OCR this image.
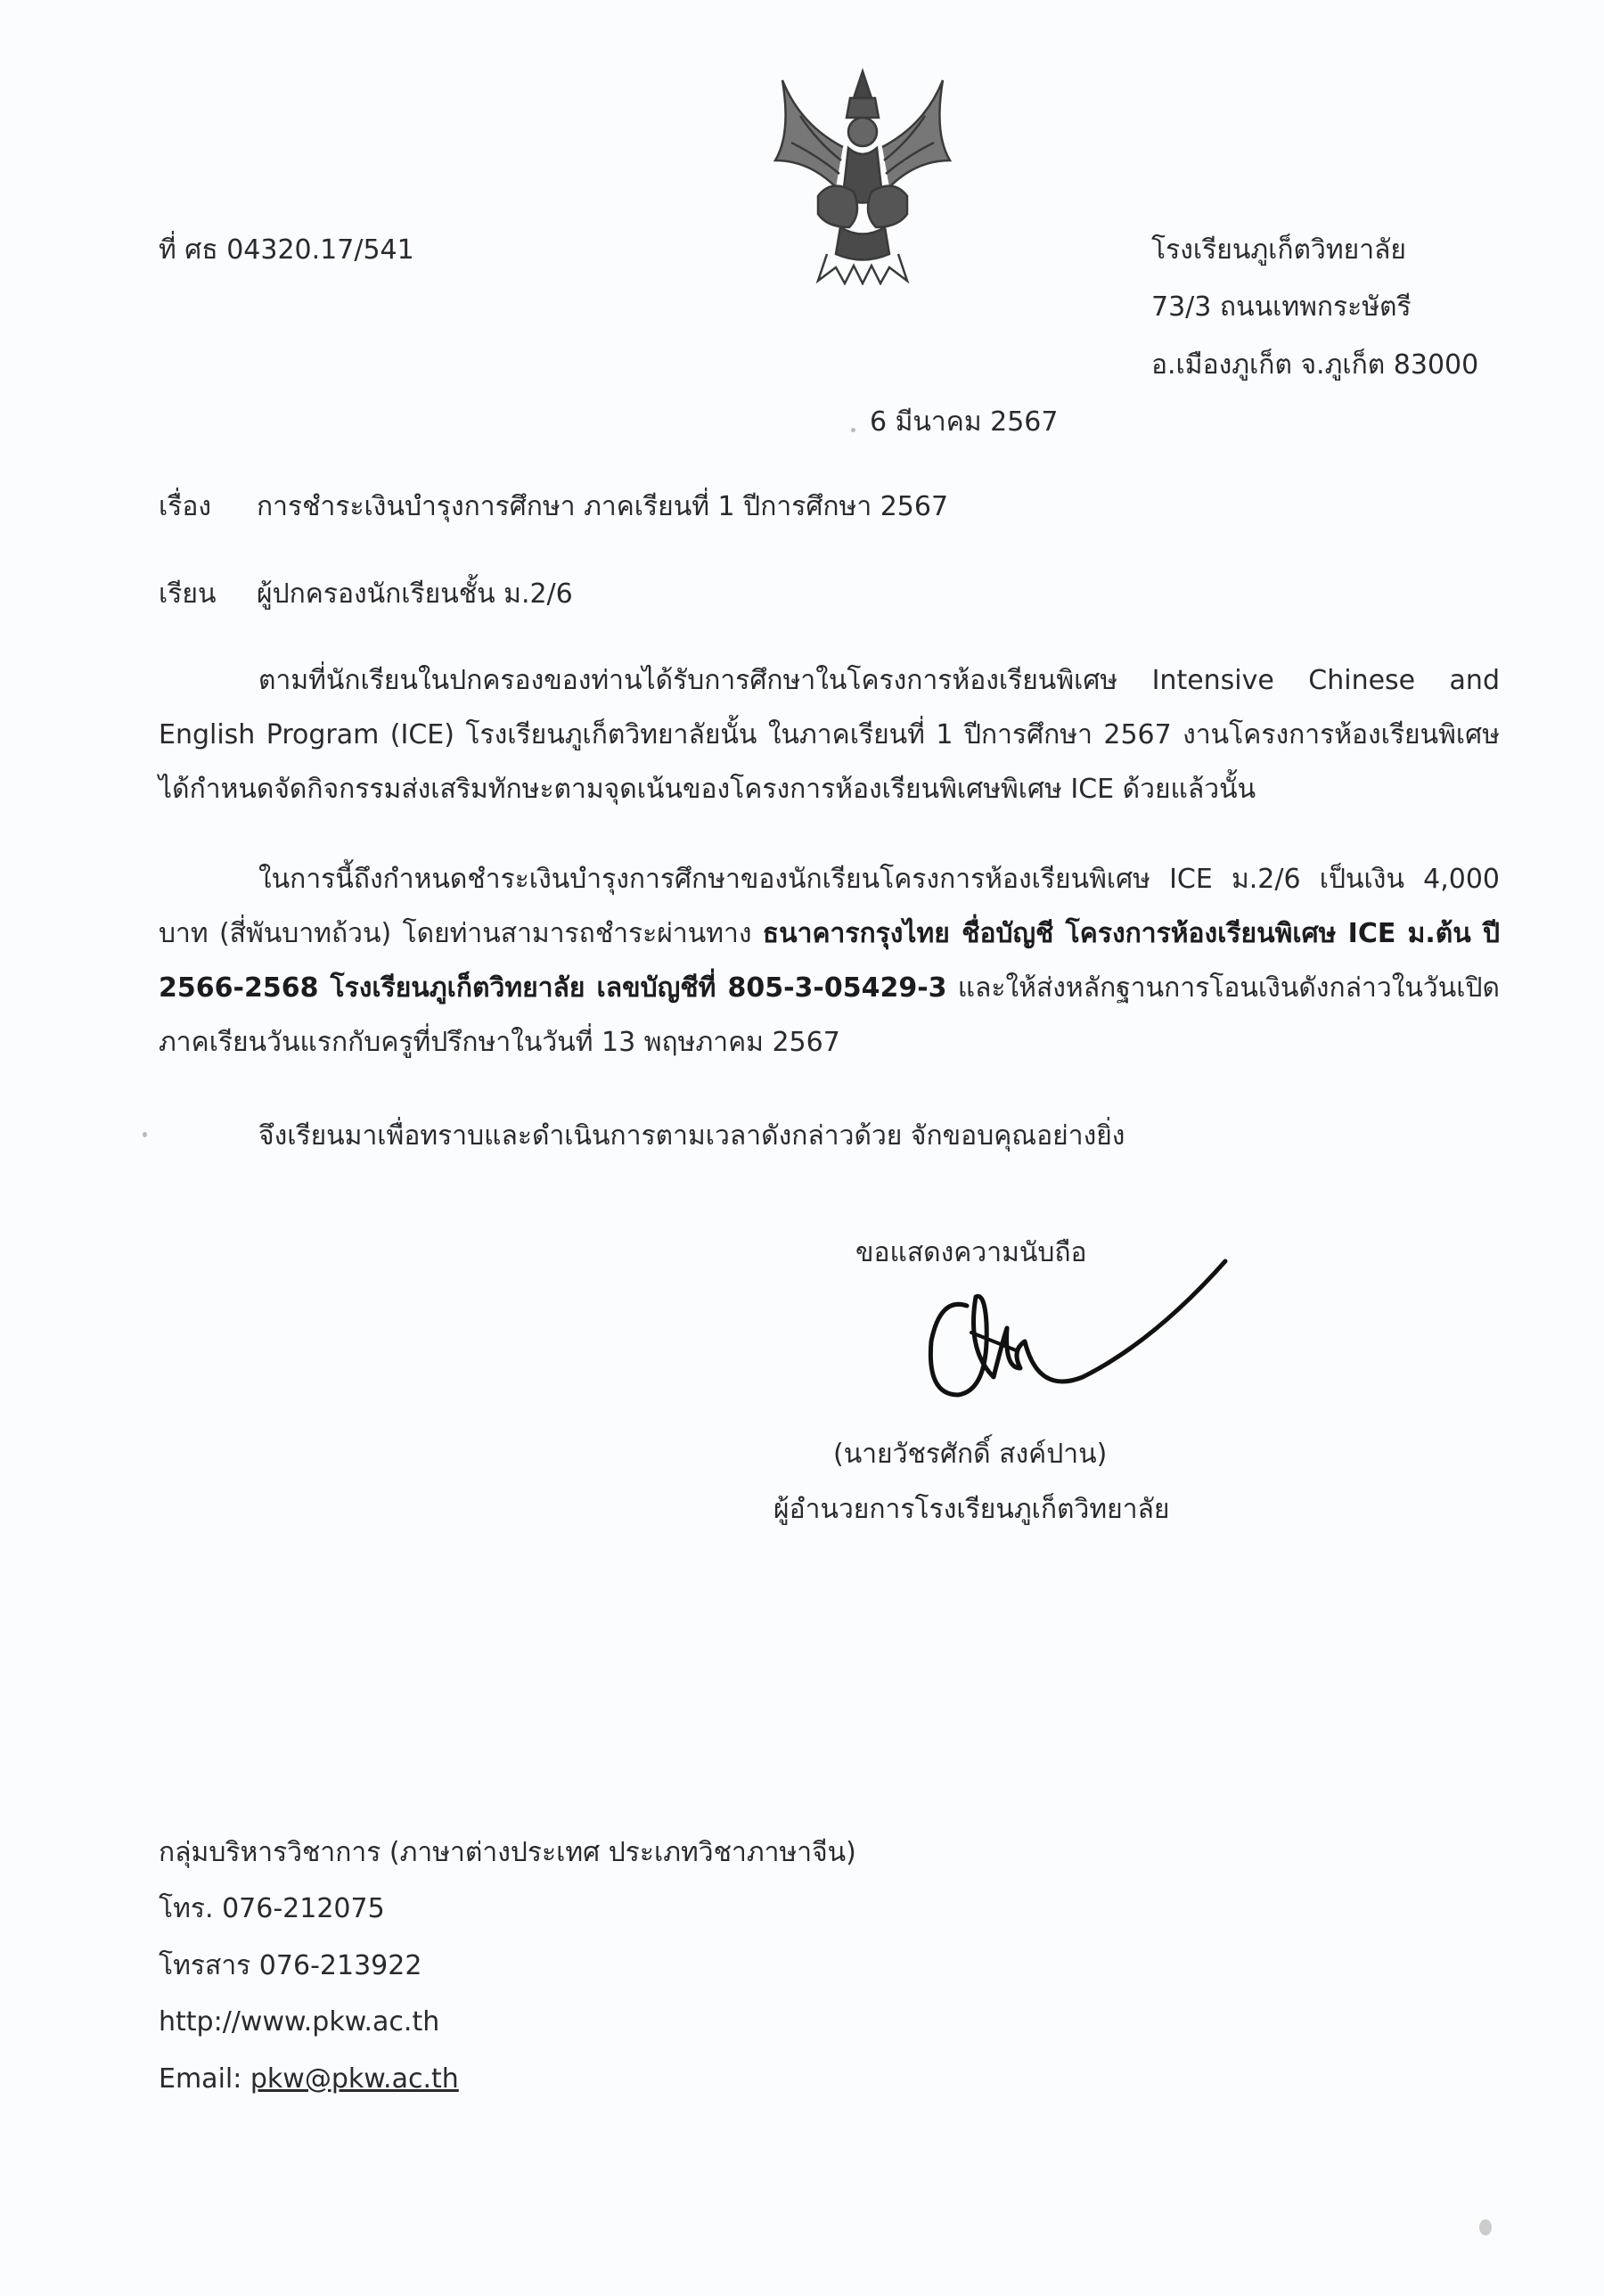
ที่ ศธ 04320.17/541	โรงเรียนภูเก็ตวิทยาลัย
73/3 ถนนเทพกระษัตรี
อ.เมืองภูเก็ต จ.ภูเก็ต 83000
6 มีนาคม 2567
เรื่อง การชำระเงินบำรุงการศึกษา ภาคเรียนที่ 1 ปีการศึกษา 2567
เรียน ผู้ปกครองนักเรียนชั้น ม.2/6
ตามที่นักเรียนในปกครองของท่านได้รับการศึกษาในโครงการห้องเรียนพิเศษ Intensive Chinese and English Program (ICE) โรงเรียนภูเก็ตวิทยาลัยนั้น ในภาคเรียนที่ 1 ปีการศึกษา 2567 งานโครงการห้องเรียนพิเศษได้กำหนดจัดกิจกรรมส่งเสริมทักษะตามจุดเน้นของโครงการห้องเรียนพิเศษพิเศษ ICE ด้วยแล้วนั้น
ในการนี้ถึงกำหนดชำระเงินบำรุงการศึกษาของนักเรียนโครงการห้องเรียนพิเศษ ICE ม.2/6 เป็นเงิน 4,000 บาท (สี่พันบาทถ้วน) โดยท่านสามารถชำระผ่านทาง ธนาคารกรุงไทย ชื่อบัญชี โครงการห้องเรียนพิเศษ ICE ม.ต้น ปี 2566-2568 โรงเรียนภูเก็ตวิทยาลัย เลขบัญชีที่ 805-3-05429-3 และให้ส่งหลักฐานการโอนเงินดังกล่าวในวันเปิดภาคเรียนวันแรกกับครูที่ปรึกษาในวันที่ 13 พฤษภาคม 2567
จึงเรียนมาเพื่อทราบและดำเนินการตามเวลาดังกล่าวด้วย จักขอบคุณอย่างยิ่ง
ขอแสดงความนับถือ
(นายวัชรศักดิ์ สงค์ปาน)
ผู้อำนวยการโรงเรียนภูเก็ตวิทยาลัย
กลุ่มบริหารวิชาการ (ภาษาต่างประเทศ ประเภทวิชาภาษาจีน)
โทร. 076-212075
โทรสาร 076-213922
http://www.pkw.ac.th
Email: pkw@pkw.ac.th
